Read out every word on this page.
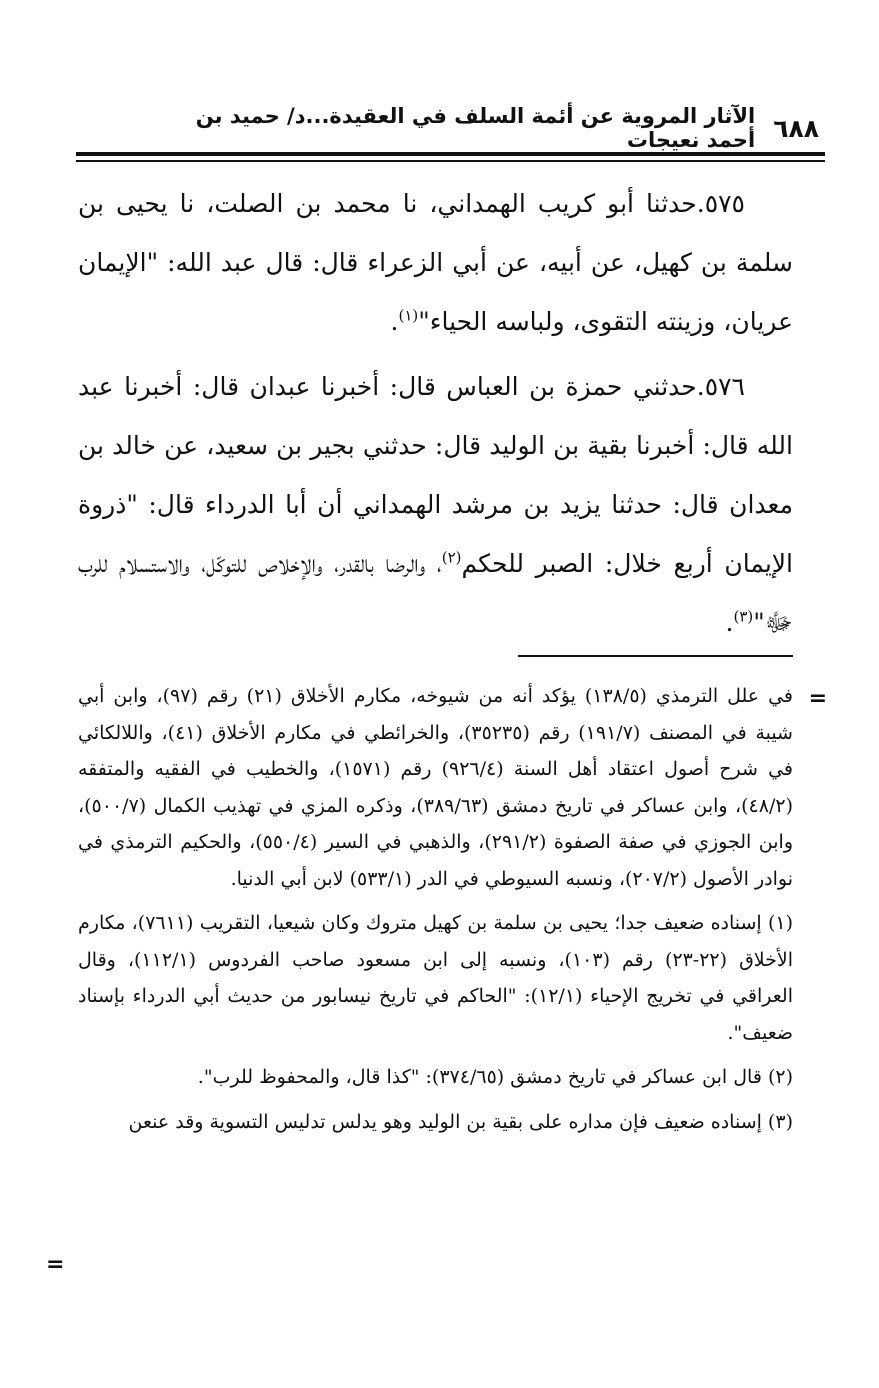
٦٨٨
الآثار المروية عن أئمة السلف في العقيدة...د/ حميد بن أحمد نعيجات

٥٧٥.حدثنا أبو كريب الهمداني، نا محمد بن الصلت، نا يحيى بن سلمة بن كهيل، عن أبيه، عن أبي الزعراء قال: قال عبد الله: "الإيمان عريان، وزينته التقوى، ولباسه الحياء"$^{(١)}$.

٥٧٦.حدثني حمزة بن العباس قال: أخبرنا عبدان قال: أخبرنا عبد الله قال: أخبرنا بقية بن الوليد قال: حدثني بجير بن سعيد، عن خالد بن معدان قال: حدثنا يزيد بن مرشد الهمداني أن أبا الدرداء قال: "ذروة الإيمان أربع خلال: الصبر للحكم$^{(٢)}$، والرضا بالقدر، والإخلاص للتوكّل، والاستسلام للرب ﷻ"$^{(٣)}$.

=

في علل الترمذي (١٣٨/٥) يؤكد أنه من شيوخه، مكارم الأخلاق (٢١) رقم (٩٧)، وابن أبي شيبة في المصنف (١٩١/٧) رقم (٣٥٢٣٥)، والخرائطي في مكارم الأخلاق (٤١)، واللالكائي في شرح أصول اعتقاد أهل السنة (٩٢٦/٤) رقم (١٥٧١)، والخطيب في الفقيه والمتفقه (٤٨/٢)، وابن عساكر في تاريخ دمشق (٣٨٩/٦٣)، وذكره المزي في تهذيب الكمال (٥٠٠/٧)، وابن الجوزي في صفة الصفوة (٢٩١/٢)، والذهبي في السير (٥٥٠/٤)، والحكيم الترمذي في نوادر الأصول (٢٠٧/٢)، ونسبه السيوطي في الدر (٥٣٣/١) لابن أبي الدنيا.

(١) إسناده ضعيف جدا؛ يحيى بن سلمة بن كهيل متروك وكان شيعيا، التقريب (٧٦١١)، مكارم الأخلاق (٢٢-٢٣) رقم (١٠٣)، ونسبه إلى ابن مسعود صاحب الفردوس (١١٢/١)، وقال العراقي في تخريج الإحياء (١٢/١): "الحاكم في تاريخ نيسابور من حديث أبي الدرداء بإسناد ضعيف".

(٢) قال ابن عساكر في تاريخ دمشق (٣٧٤/٦٥): "كذا قال، والمحفوظ للرب".

(٣) إسناده ضعيف فإن مداره على بقية بن الوليد وهو يدلس تدليس التسوية وقد عنعن

=
